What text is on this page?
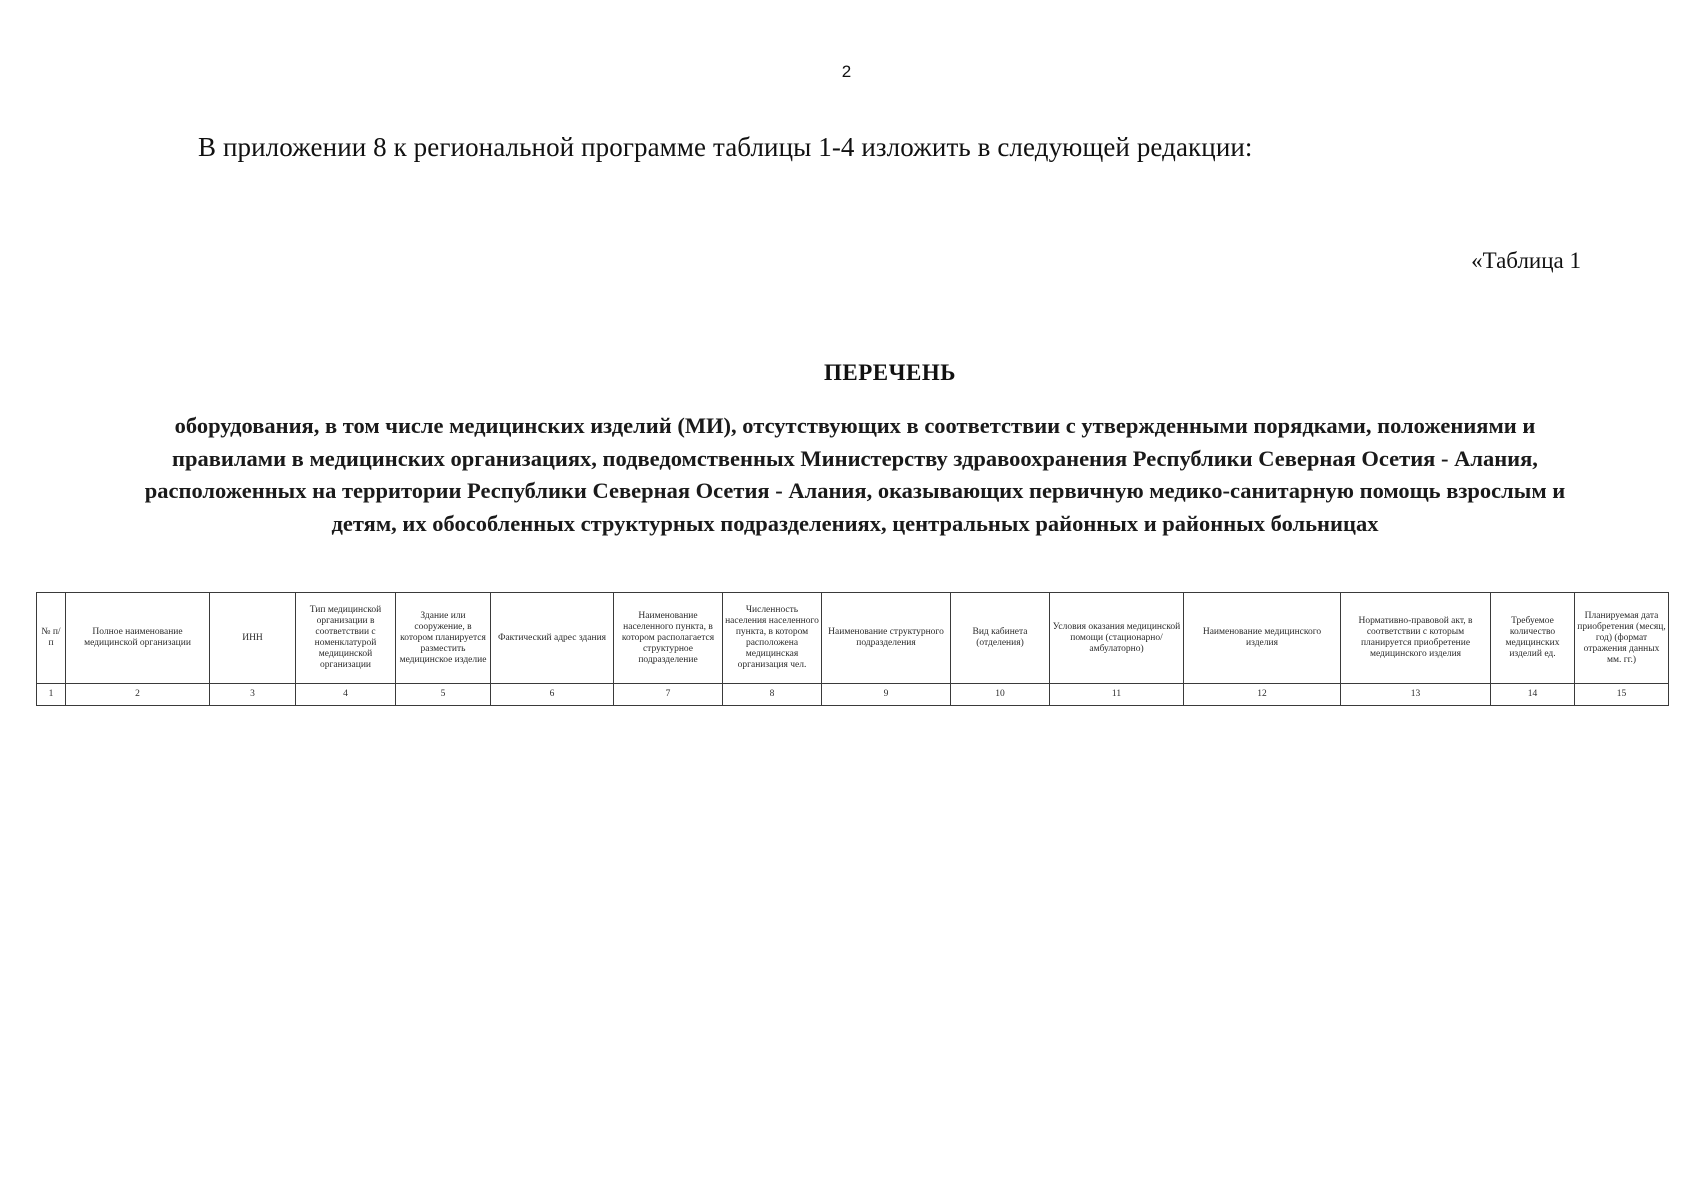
2
В приложении 8 к региональной программе таблицы 1-4 изложить в следующей редакции:
«Таблица 1
ПЕРЕЧЕНЬ
оборудования, в том числе медицинских изделий (МИ), отсутствующих в соответствии с утвержденными порядками, положениями и правилами в медицинских организациях, подведомственных Министерству здравоохранения Республики Северная Осетия - Алания, расположенных на территории Республики Северная Осетия - Алания, оказывающих первичную медико-санитарную помощь взрослым и детям, их обособленных структурных подразделениях, центральных районных и районных больницах
№ п/п	Полное наименование медицинской организации	ИНН	Тип медицинской организации в соответствии с номенклатурой медицинской организации	Здание или сооружение, в котором планируется разместить медицинское изделие	Фактический адрес здания	Наименование населенного пункта, в котором располагается структурное подразделение	Численность населения населенного пункта, в котором расположена медицинская организация чел.	Наименование структурного подразделения	Вид кабинета (отделения)	Условия оказания медицинской помощи (стационарно/амбулаторно)	Наименование медицинского изделия	Нормативно-правовой акт, в соответствии с которым планируется приобретение медицинского изделия	Требуемое количество медицинских изделий ед.	Планируемая дата приобретения (месяц, год) (формат отражения данных мм. гг.)
1	2	3	4	5	6	7	8	9	10	11	12	13	14	15
